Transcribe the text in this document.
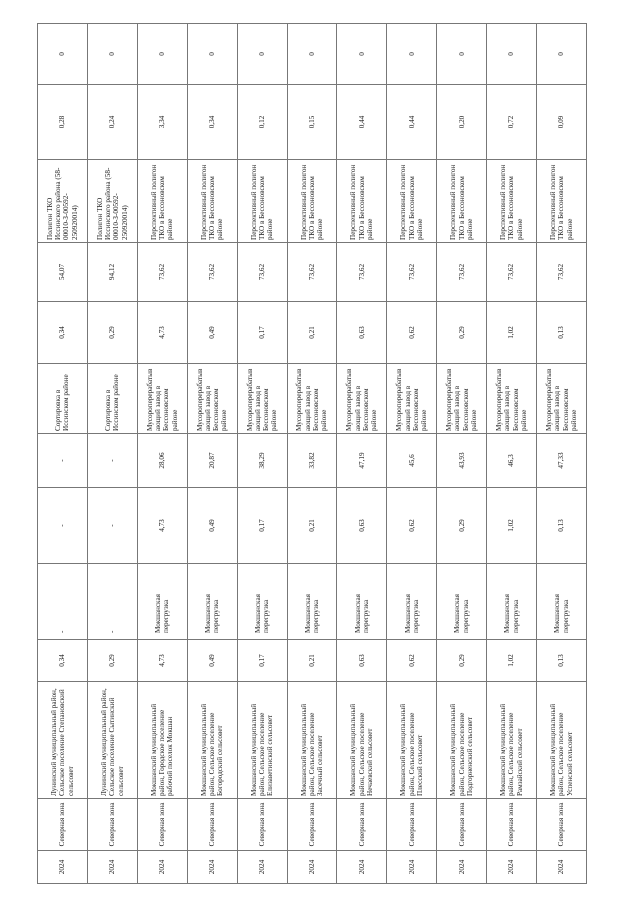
2024	Северная зона	Лунинский муниципальный район, Сельское поселение Степановский сельсовет	0,34	-	-	-	Сортировка в Иссинском районе	0,34	54,07	Полигон ТКО Иссинского района (58-00010-З-00592-250920014)	0,28	0
2024	Северная зона	Лунинский муниципальный район, Сельское поселение Сытинский сельсовет	0,29	-	-	-	Сортировка в Иссинском районе	0,29	94,12	Полигон ТКО Иссинского района (58-00010-З-00592-250920014)	0,24	0
2024	Северная зона	Мокшанский муниципальный район, Городское поселение рабочий поселок Мокшан	4,73	Мокшанская перегрузка	4,73	28,06	Мусороперерабатывающий завод в Бессоновском районе	4,73	73,62	Перспективный полигон ТКО в Бессоновском районе	3,34	0
2024	Северная зона	Мокшанский муниципальный район, Сельское поселение Богородский сельсовет	0,49	Мокшанская перегрузка	0,49	20,87	Мусороперерабатывающий завод в Бессоновском районе	0,49	73,62	Перспективный полигон ТКО в Бессоновском районе	0,34	0
2024	Северная зона	Мокшанский муниципальный район, Сельское поселение Елизаветинский сельсовет	0,17	Мокшанская перегрузка	0,17	38,29	Мусороперерабатывающий завод в Бессоновском районе	0,17	73,62	Перспективный полигон ТКО в Бессоновском районе	0,12	0
2024	Северная зона	Мокшанский муниципальный район, Сельское поселение Засечный сельсовет	0,21	Мокшанская перегрузка	0,21	33,82	Мусороперерабатывающий завод в Бессоновском районе	0,21	73,62	Перспективный полигон ТКО в Бессоновском районе	0,15	0
2024	Северная зона	Мокшанский муниципальный район, Сельское поселение Нечаевский сельсовет	0,63	Мокшанская перегрузка	0,63	47,19	Мусороперерабатывающий завод в Бессоновском районе	0,63	73,62	Перспективный полигон ТКО в Бессоновском районе	0,44	0
2024	Северная зона	Мокшанский муниципальный район, Сельское поселение Плесский сельсовет	0,62	Мокшанская перегрузка	0,62	45,6	Мусороперерабатывающий завод в Бессоновском районе	0,62	73,62	Перспективный полигон ТКО в Бессоновском районе	0,44	0
2024	Северная зона	Мокшанский муниципальный район, Сельское поселение Подгорненский сельсовет	0,29	Мокшанская перегрузка	0,29	43,93	Мусороперерабатывающий завод в Бессоновском районе	0,29	73,62	Перспективный полигон ТКО в Бессоновском районе	0,20	0
2024	Северная зона	Мокшанский муниципальный район, Сельское поселение Рамзайский сельсовет	1,02	Мокшанская перегрузка	1,02	46,3	Мусороперерабатывающий завод в Бессоновском районе	1,02	73,62	Перспективный полигон ТКО в Бессоновском районе	0,72	0
2024	Северная зона	Мокшанский муниципальный район, Сельское поселение Успенский сельсовет	0,13	Мокшанская перегрузка	0,13	47,33	Мусороперерабатывающий завод в Бессоновском районе	0,13	73,62	Перспективный полигон ТКО в Бессоновском районе	0,09	0
